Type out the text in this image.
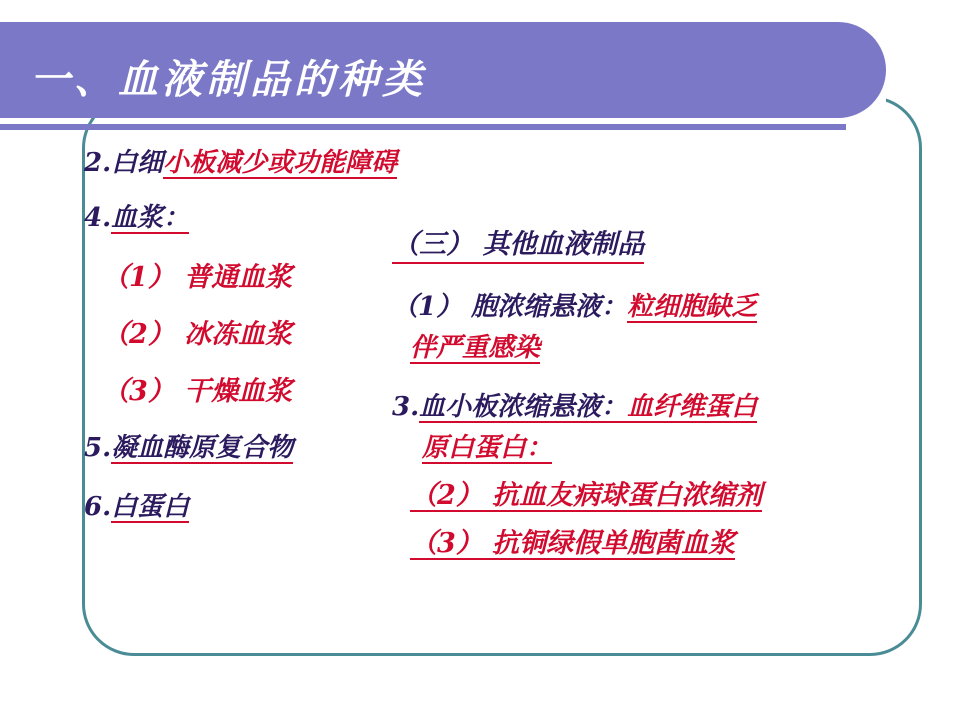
一、血液制品的种类
2.白细小板减少或功能障碍
4.血浆：
（1） 普通血浆
（2） 冰冻血浆
（3） 干燥血浆
5.凝血酶原复合物
6.白蛋白
（三） 其他血液制品
（1） 胞浓缩悬液：粒细胞缺乏
伴严重感染
3.血小板浓缩悬液：血纤维蛋白
原白蛋白：
（2） 抗血友病球蛋白浓缩剂
（3） 抗铜绿假单胞菌血浆
